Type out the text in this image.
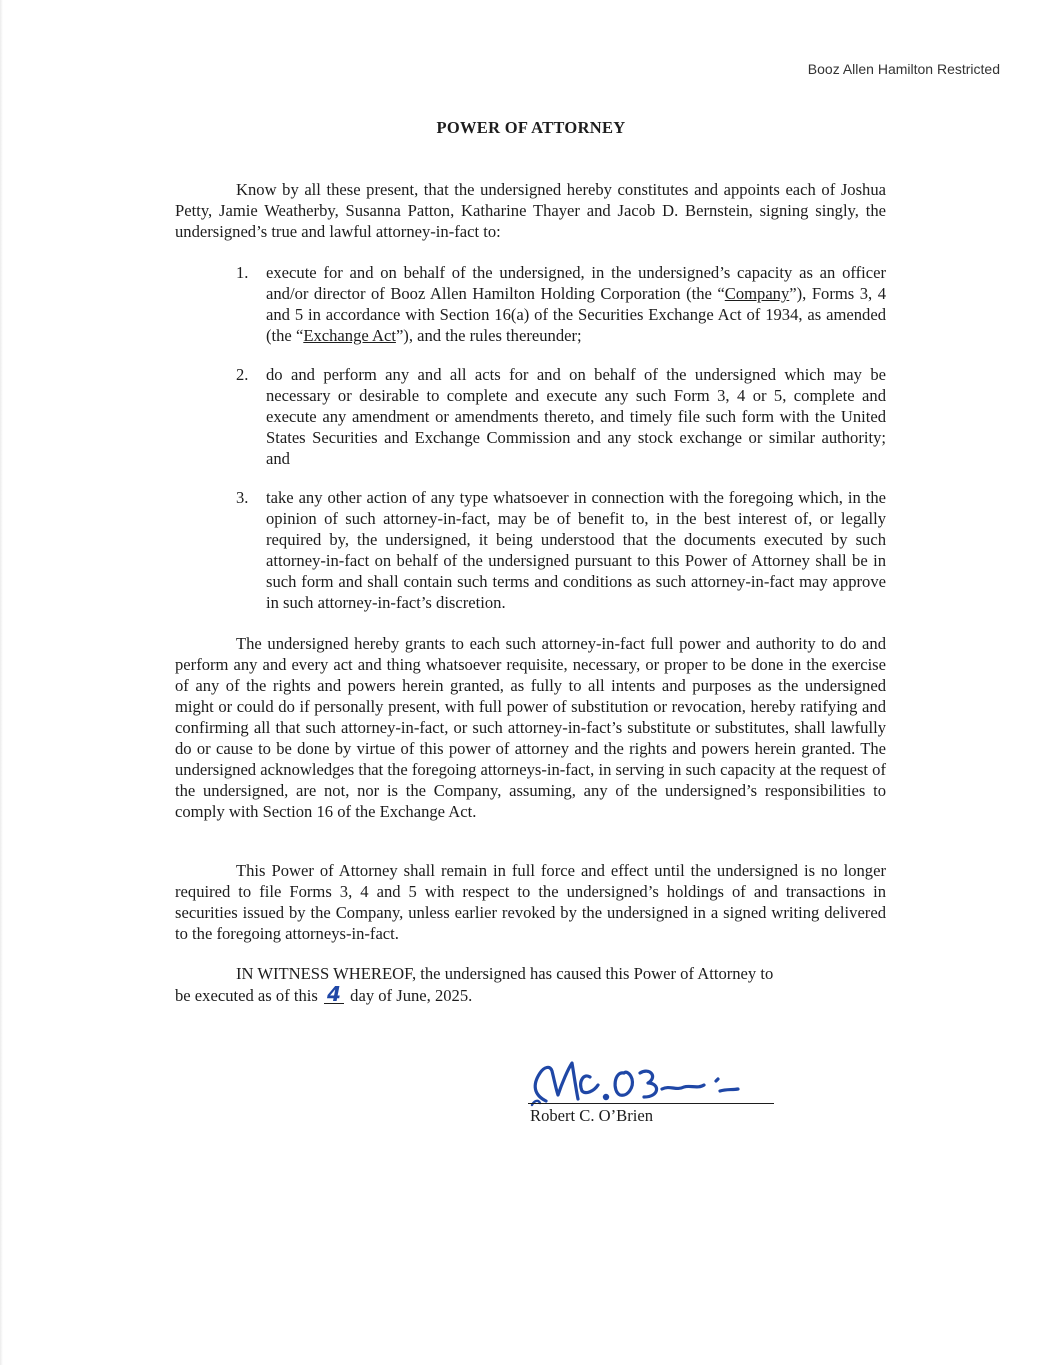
Booz Allen Hamilton Restricted
POWER OF ATTORNEY

Know by all these present, that the undersigned hereby constitutes and appoints each of Joshua Petty, Jamie Weatherby, Susanna Patton, Katharine Thayer and Jacob D. Bernstein, signing singly, the undersigned’s true and lawful attorney-in-fact to:

1. execute for and on behalf of the undersigned, in the undersigned’s capacity as an officer and/or director of Booz Allen Hamilton Holding Corporation (the “Company”), Forms 3, 4 and 5 in accordance with Section 16(a) of the Securities Exchange Act of 1934, as amended (the “Exchange Act”), and the rules thereunder;
2. do and perform any and all acts for and on behalf of the undersigned which may be necessary or desirable to complete and execute any such Form 3, 4 or 5, complete and execute any amendment or amendments thereto, and timely file such form with the United States Securities and Exchange Commission and any stock exchange or similar authority; and
3. take any other action of any type whatsoever in connection with the foregoing which, in the opinion of such attorney-in-fact, may be of benefit to, in the best interest of, or legally required by, the undersigned, it being understood that the documents executed by such attorney-in-fact on behalf of the undersigned pursuant to this Power of Attorney shall be in such form and shall contain such terms and conditions as such attorney-in-fact may approve in such attorney-in-fact’s discretion.

The undersigned hereby grants to each such attorney-in-fact full power and authority to do and perform any and every act and thing whatsoever requisite, necessary, or proper to be done in the exercise of any of the rights and powers herein granted, as fully to all intents and purposes as the undersigned might or could do if personally present, with full power of substitution or revocation, hereby ratifying and confirming all that such attorney-in-fact, or such attorney-in-fact’s substitute or substitutes, shall lawfully do or cause to be done by virtue of this power of attorney and the rights and powers herein granted. The undersigned acknowledges that the foregoing attorneys-in-fact, in serving in such capacity at the request of the undersigned, are not, nor is the Company, assuming, any of the undersigned’s responsibilities to comply with Section 16 of the Exchange Act.

This Power of Attorney shall remain in full force and effect until the undersigned is no longer required to file Forms 3, 4 and 5 with respect to the undersigned’s holdings of and transactions in securities issued by the Company, unless earlier revoked by the undersigned in a signed writing delivered to the foregoing attorneys-in-fact.

IN WITNESS WHEREOF, the undersigned has caused this Power of Attorney to
be executed as of this 4 day of June, 2025.
Robert C. O’Brien
